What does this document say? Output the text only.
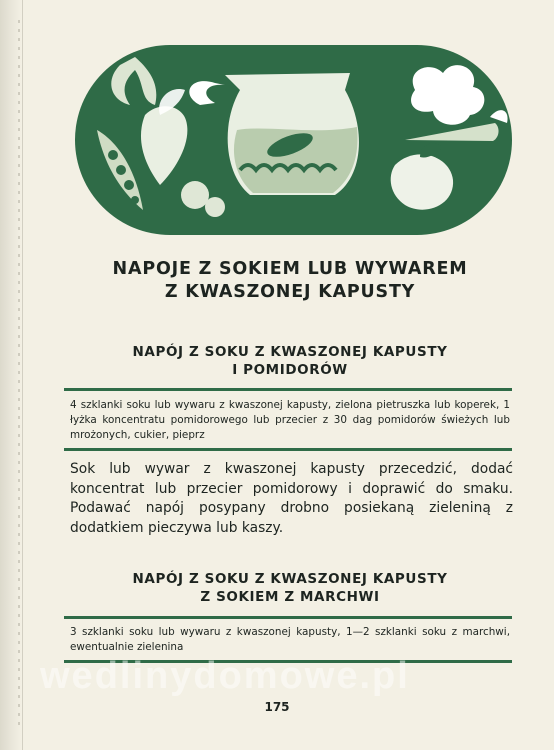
NAPOJE Z SOKIEM LUB WYWAREM
Z KWASZONEJ KAPUSTY
NAPÓJ Z SOKU Z KWASZONEJ KAPUSTY
I POMIDORÓW

4 szklanki soku lub wywaru z kwaszonej kapusty, zielona pietruszka lub koperek, 1 łyżka koncentratu pomidorowego lub przecier z 30 dag pomidorów świeżych lub mrożonych, cukier, pieprz

Sok lub wywar z kwaszonej kapusty przecedzić, dodać koncentrat lub przecier pomidorowy i doprawić do smaku. Podawać napój posypany drobno posiekaną zieleniną z dodatkiem pieczywa lub kaszy.

NAPÓJ Z SOKU Z KWASZONEJ KAPUSTY
Z SOKIEM Z MARCHWI

3 szklanki soku lub wywaru z kwaszonej kapusty, 1—2 szklanki soku z marchwi, ewentualnie zielenina

wedlinydomowe.pl
175
